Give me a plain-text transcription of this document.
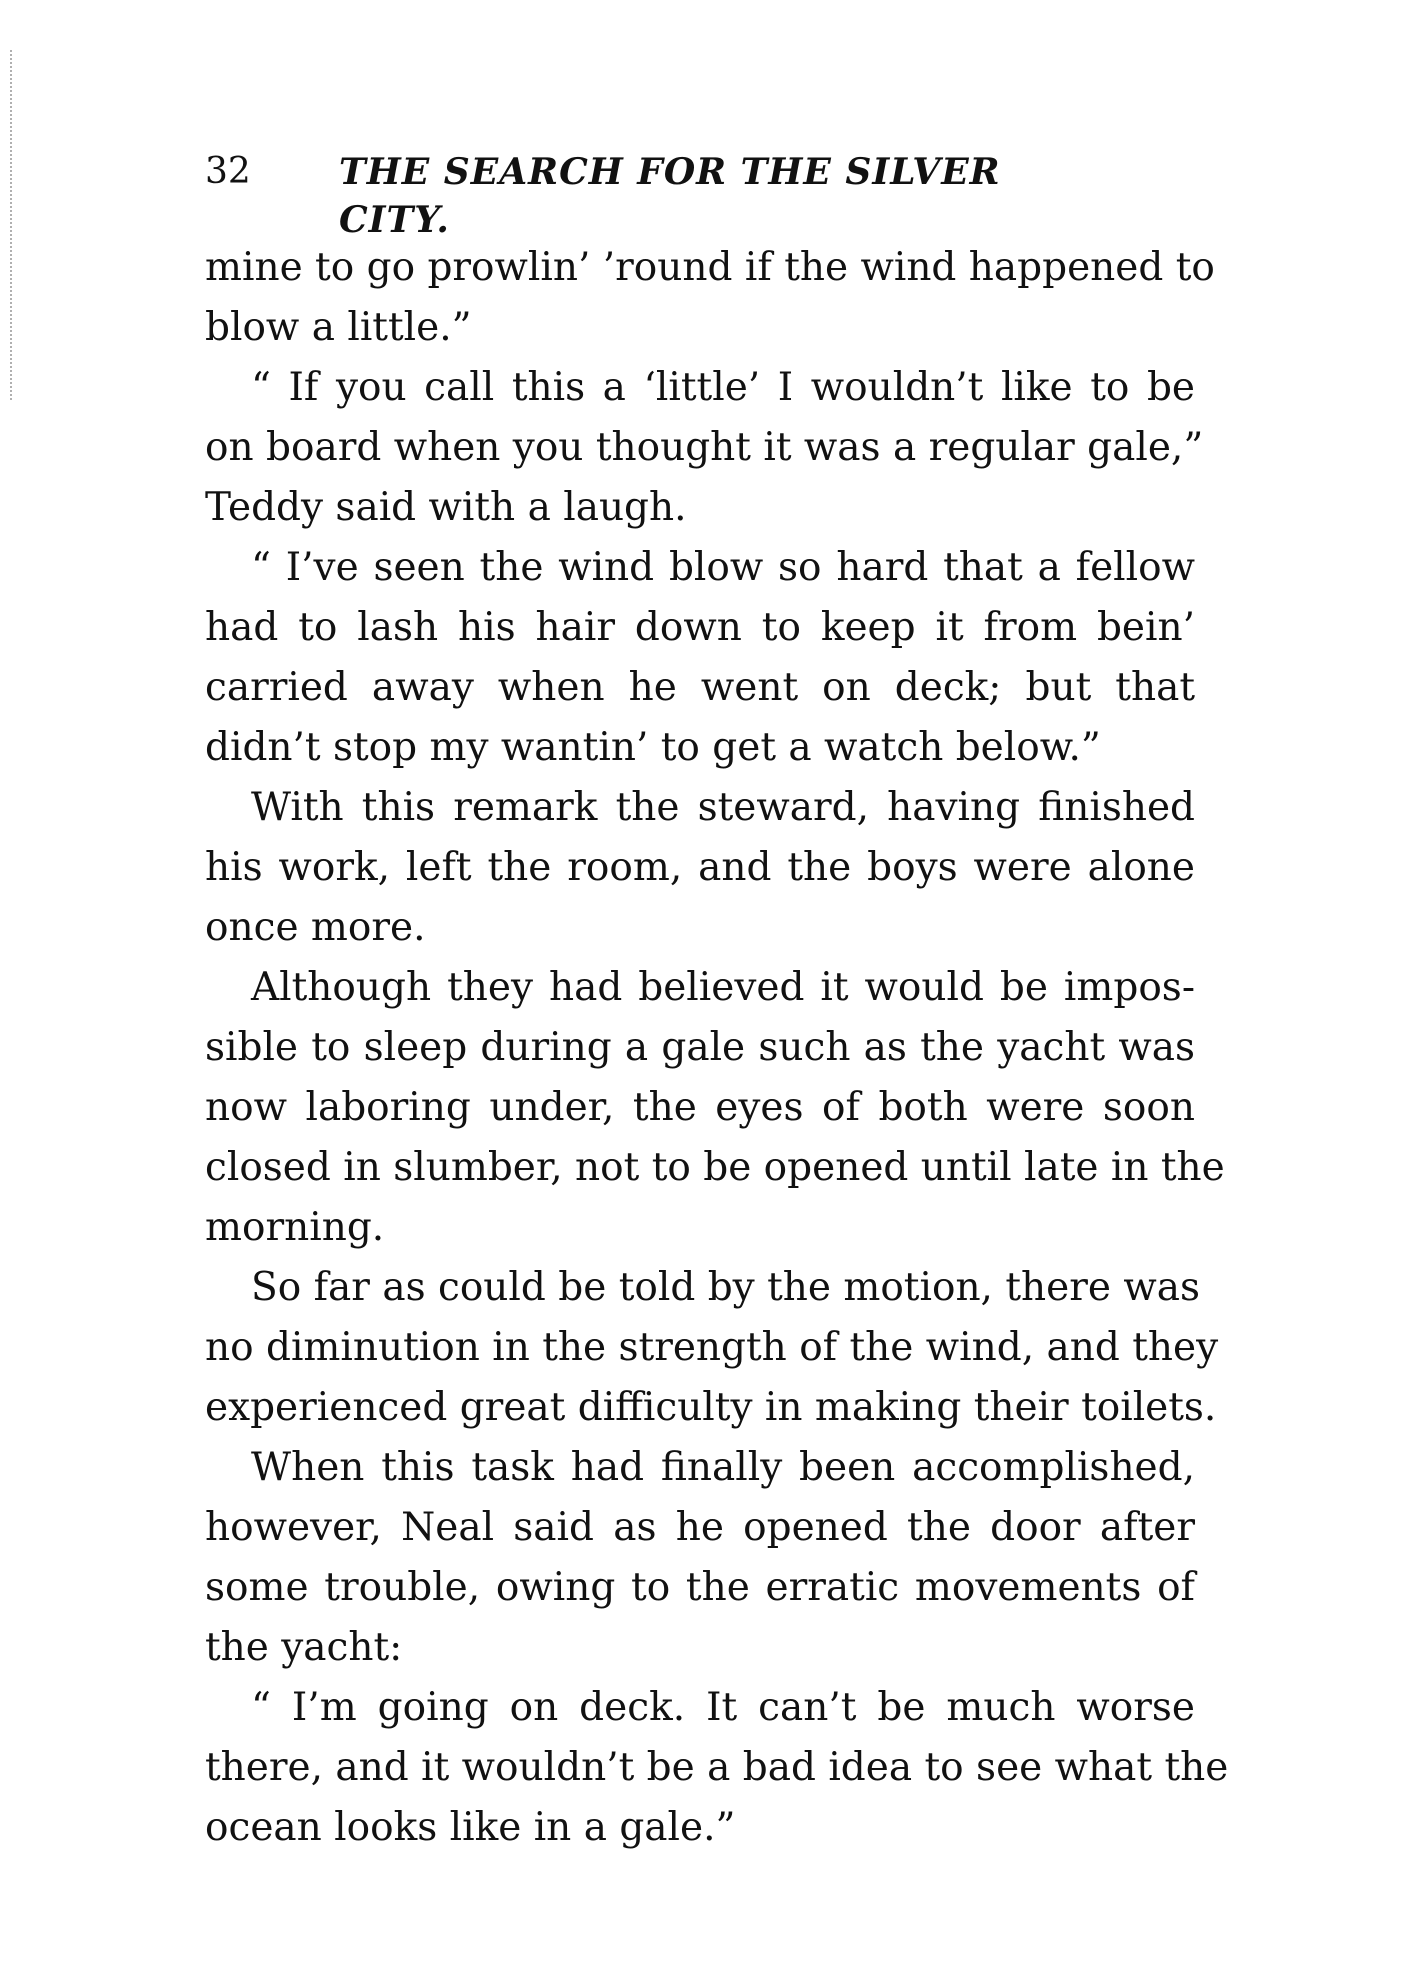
32 THE SEARCH FOR THE SILVER CITY.
mine to go prowlin’ ’round if the wind happened to
blow a little.”
“ If you call this a ‘little’ I wouldn’t like to be
on board when you thought it was a regular gale,”
Teddy said with a laugh.
“ I’ve seen the wind blow so hard that a fellow
had to lash his hair down to keep it from bein’
carried away when he went on deck; but that
didn’t stop my wantin’ to get a watch below.”
With this remark the steward, having finished
his work, left the room, and the boys were alone
once more.
Although they had believed it would be impos-
sible to sleep during a gale such as the yacht was
now laboring under, the eyes of both were soon
closed in slumber, not to be opened until late in the
morning.
So far as could be told by the motion, there was
no diminution in the strength of the wind, and they
experienced great difficulty in making their toilets.
When this task had finally been accomplished,
however, Neal said as he opened the door after
some trouble, owing to the erratic movements of
the yacht:
“ I’m going on deck. It can’t be much worse
there, and it wouldn’t be a bad idea to see what the
ocean looks like in a gale.”
